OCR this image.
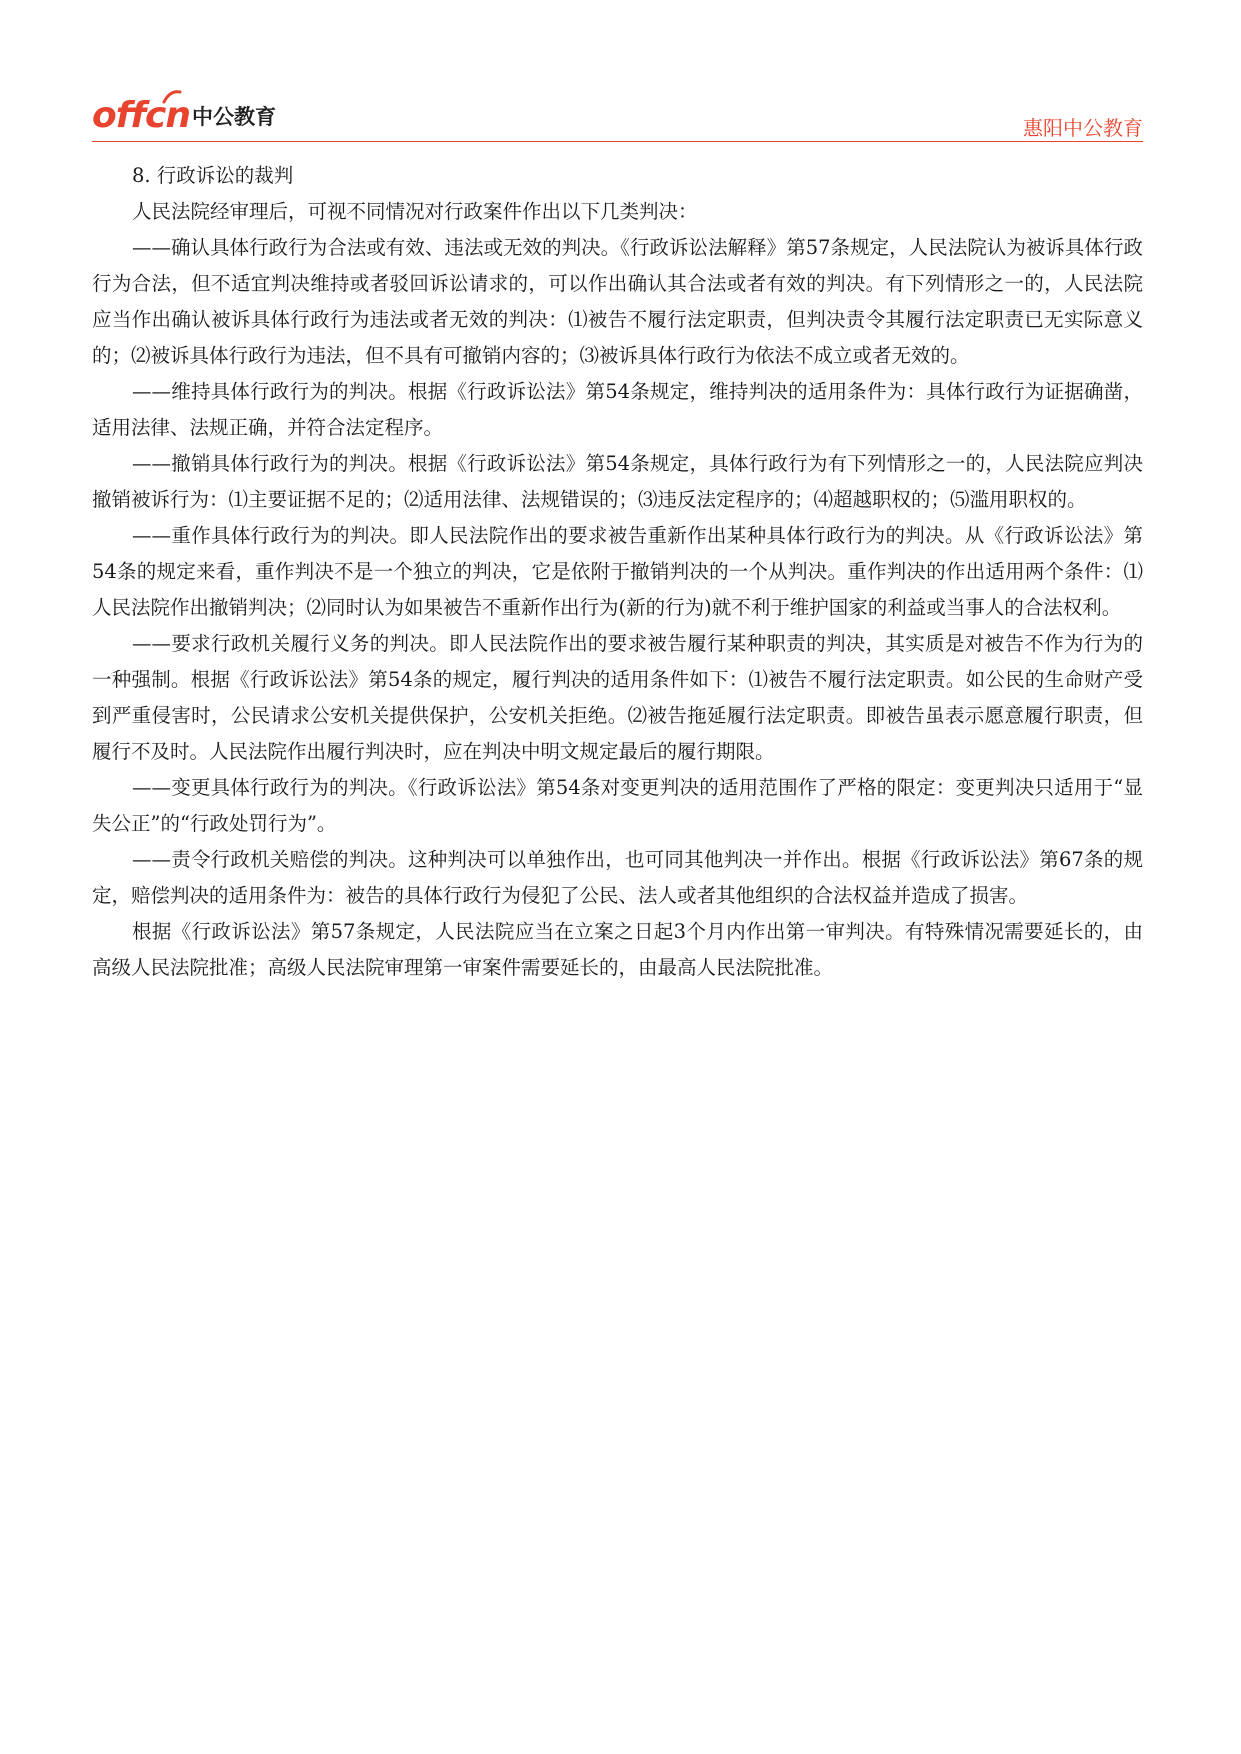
offcn 中公教育	惠阳中公教育

8. 行政诉讼的裁判

人民法院经审理后，可视不同情况对行政案件作出以下几类判决：

——确认具体行政行为合法或有效、违法或无效的判决。《行政诉讼法解释》第57条规定，人民法院认为被诉具体行政行为合法，但不适宜判决维持或者驳回诉讼请求的，可以作出确认其合法或者有效的判决。有下列情形之一的，人民法院应当作出确认被诉具体行政行为违法或者无效的判决：⑴被告不履行法定职责，但判决责令其履行法定职责已无实际意义的；⑵被诉具体行政行为违法，但不具有可撤销内容的；⑶被诉具体行政行为依法不成立或者无效的。

——维持具体行政行为的判决。根据《行政诉讼法》第54条规定，维持判决的适用条件为：具体行政行为证据确凿，适用法律、法规正确，并符合法定程序。

——撤销具体行政行为的判决。根据《行政诉讼法》第54条规定，具体行政行为有下列情形之一的，人民法院应判决撤销被诉行为：⑴主要证据不足的；⑵适用法律、法规错误的；⑶违反法定程序的；⑷超越职权的；⑸滥用职权的。

——重作具体行政行为的判决。即人民法院作出的要求被告重新作出某种具体行政行为的判决。从《行政诉讼法》第54条的规定来看，重作判决不是一个独立的判决，它是依附于撤销判决的一个从判决。重作判决的作出适用两个条件：⑴人民法院作出撤销判决；⑵同时认为如果被告不重新作出行为(新的行为)就不利于维护国家的利益或当事人的合法权利。

——要求行政机关履行义务的判决。即人民法院作出的要求被告履行某种职责的判决，其实质是对被告不作为行为的一种强制。根据《行政诉讼法》第54条的规定，履行判决的适用条件如下：⑴被告不履行法定职责。如公民的生命财产受到严重侵害时，公民请求公安机关提供保护，公安机关拒绝。⑵被告拖延履行法定职责。即被告虽表示愿意履行职责，但履行不及时。人民法院作出履行判决时，应在判决中明文规定最后的履行期限。

——变更具体行政行为的判决。《行政诉讼法》第54条对变更判决的适用范围作了严格的限定：变更判决只适用于“显失公正”的“行政处罚行为”。

——责令行政机关赔偿的判决。这种判决可以单独作出，也可同其他判决一并作出。根据《行政诉讼法》第67条的规定，赔偿判决的适用条件为：被告的具体行政行为侵犯了公民、法人或者其他组织的合法权益并造成了损害。

根据《行政诉讼法》第57条规定，人民法院应当在立案之日起3个月内作出第一审判决。有特殊情况需要延长的，由高级人民法院批准；高级人民法院审理第一审案件需要延长的，由最高人民法院批准。
